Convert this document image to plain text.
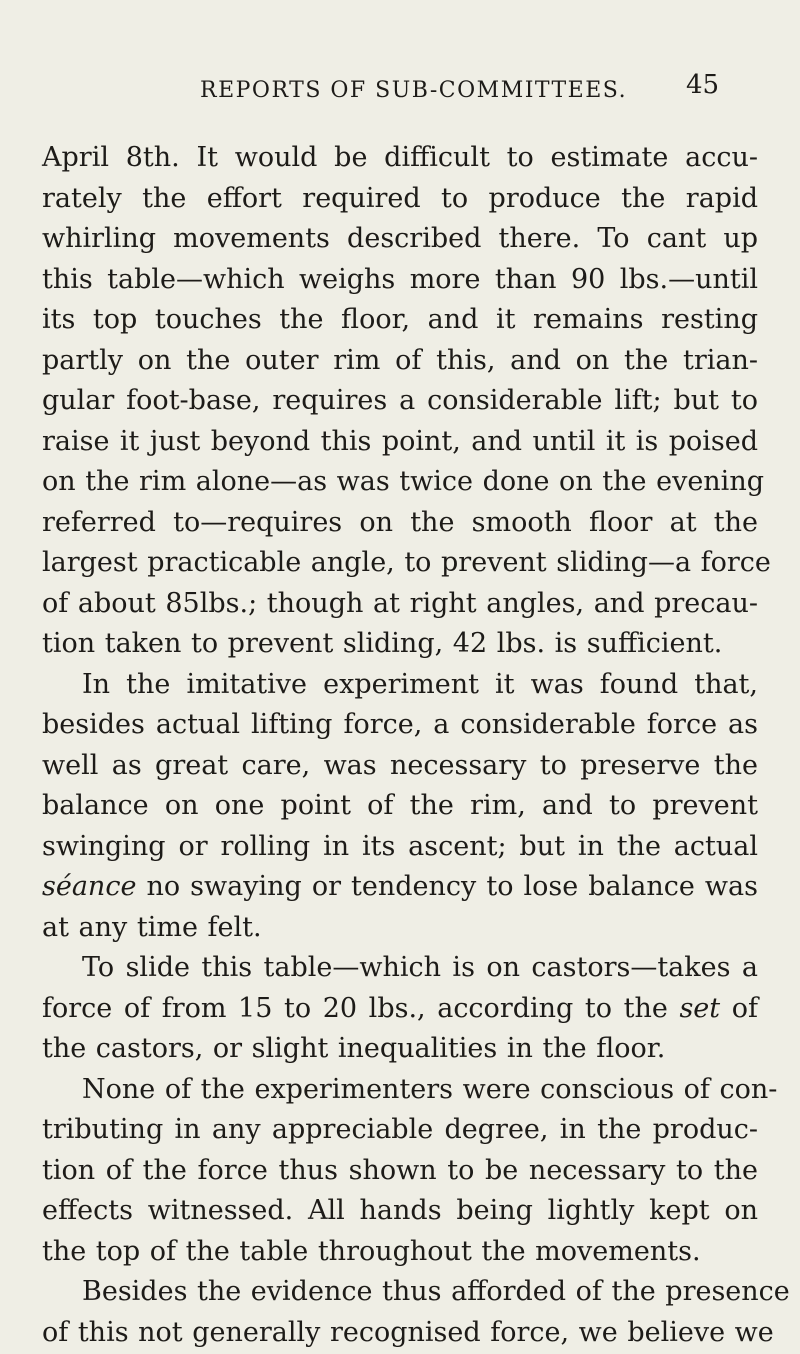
REPORTS OF SUB-COMMITTEES. 45
April 8th. It would be difficult to estimate accu-
rately the effort required to produce the rapid
whirling movements described there. To cant up
this table—which weighs more than 90 lbs.—until
its top touches the floor, and it remains resting
partly on the outer rim of this, and on the trian-
gular foot-base, requires a considerable lift; but to
raise it just beyond this point, and until it is poised
on the rim alone—as was twice done on the evening
referred to—requires on the smooth floor at the
largest practicable angle, to prevent sliding—a force
of about 85lbs.; though at right angles, and precau-
tion taken to prevent sliding, 42 lbs. is sufficient.
In the imitative experiment it was found that,
besides actual lifting force, a considerable force as
well as great care, was necessary to preserve the
balance on one point of the rim, and to prevent
swinging or rolling in its ascent; but in the actual
séance no swaying or tendency to lose balance was
at any time felt.
To slide this table—which is on castors—takes a
force of from 15 to 20 lbs., according to the set of
the castors, or slight inequalities in the floor.
None of the experimenters were conscious of con-
tributing in any appreciable degree, in the produc-
tion of the force thus shown to be necessary to the
effects witnessed. All hands being lightly kept on
the top of the table throughout the movements.
Besides the evidence thus afforded of the presence
of this not generally recognised force, we believe we
